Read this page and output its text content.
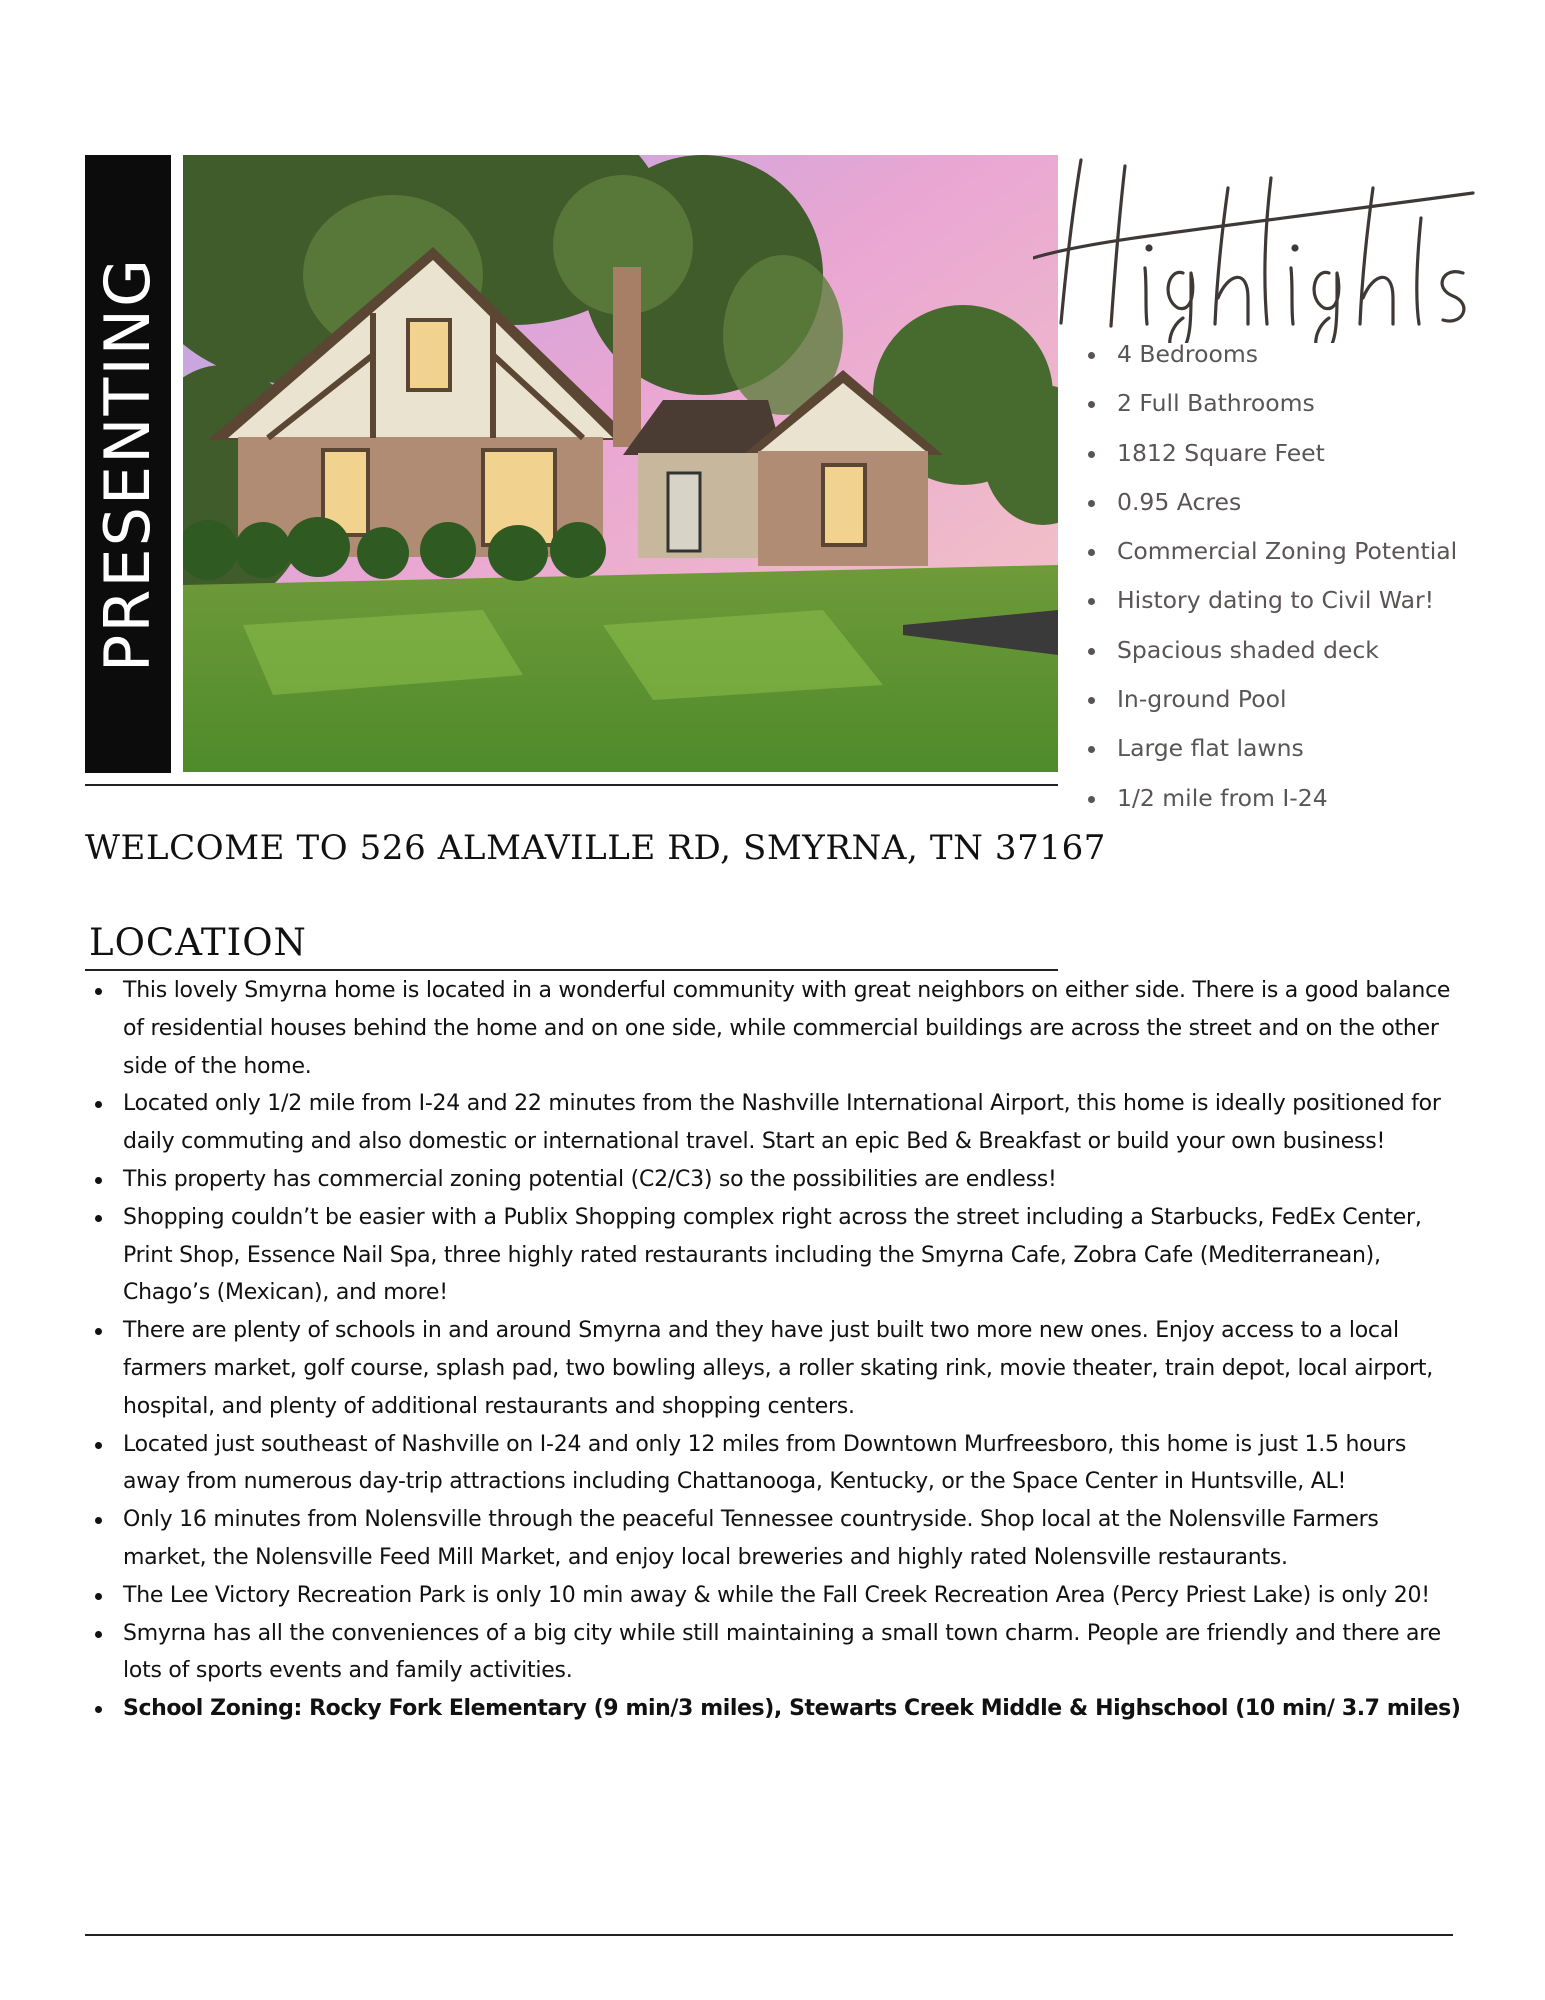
PRESENTING	4 Bedrooms
2 Full Bathrooms
1812 Square Feet
0.95 Acres
Commercial Zoning Potential
History dating to Civil War!
Spacious shaded deck
In-ground Pool
Large flat lawns
1/2 mile from I-24
WELCOME TO 526 ALMAVILLE RD, SMYRNA, TN 37167
LOCATION
This lovely Smyrna home is located in a wonderful community with great neighbors on either side. There is a good balance of residential houses behind the home and on one side, while commercial buildings are across the street and on the other side of the home.
Located only 1/2 mile from I-24 and 22 minutes from the Nashville International Airport, this home is ideally positioned for daily commuting and also domestic or international travel. Start an epic Bed & Breakfast or build your own business!
This property has commercial zoning potential (C2/C3) so the possibilities are endless!
Shopping couldn’t be easier with a Publix Shopping complex right across the street including a Starbucks, FedEx Center, Print Shop, Essence Nail Spa, three highly rated restaurants including the Smyrna Cafe, Zobra Cafe (Mediterranean), Chago’s (Mexican), and more!
There are plenty of schools in and around Smyrna and they have just built two more new ones. Enjoy access to a local farmers market, golf course, splash pad, two bowling alleys, a roller skating rink, movie theater, train depot, local airport, hospital, and plenty of additional restaurants and shopping centers.
Located just southeast of Nashville on I-24 and only 12 miles from Downtown Murfreesboro, this home is just 1.5 hours away from numerous day-trip attractions including Chattanooga, Kentucky, or the Space Center in Huntsville, AL!
Only 16 minutes from Nolensville through the peaceful Tennessee countryside. Shop local at the Nolensville Farmers market, the Nolensville Feed Mill Market, and enjoy local breweries and highly rated Nolensville restaurants.
The Lee Victory Recreation Park is only 10 min away & while the Fall Creek Recreation Area (Percy Priest Lake) is only 20!
Smyrna has all the conveniences of a big city while still maintaining a small town charm. People are friendly and there are lots of sports events and family activities.
School Zoning: Rocky Fork Elementary (9 min/3 miles), Stewarts Creek Middle & Highschool (10 min/ 3.7 miles)
